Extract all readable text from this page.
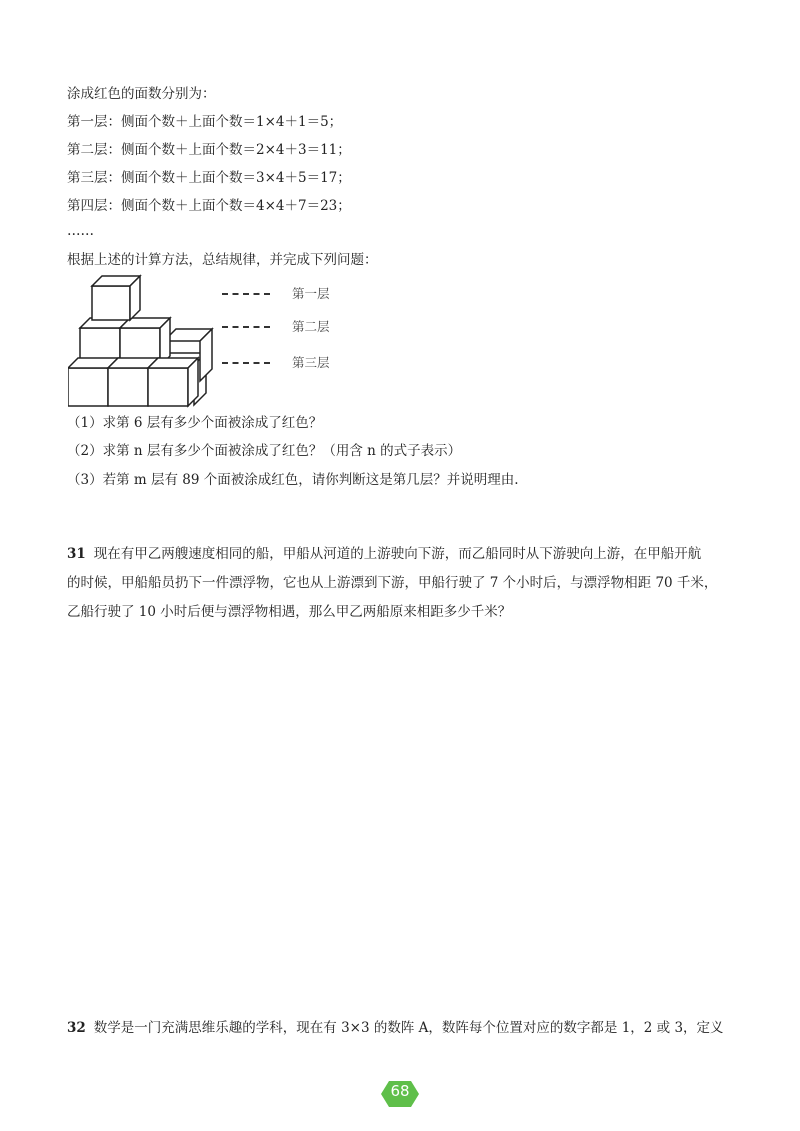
涂成红色的面数分别为：
第一层：侧面个数＋上面个数＝1×4＋1＝5；
第二层：侧面个数＋上面个数＝2×4＋3＝11；
第三层：侧面个数＋上面个数＝3×4＋5＝17；
第四层：侧面个数＋上面个数＝4×4＋7＝23；
……
根据上述的计算方法，总结规律，并完成下列问题：
第一层
第二层
第三层
（1）求第 6 层有多少个面被涂成了红色？
（2）求第 n 层有多少个面被涂成了红色？（用含 n 的式子表示）
（3）若第 m 层有 89 个面被涂成红色，请你判断这是第几层？并说明理由.
31 现在有甲乙两艘速度相同的船，甲船从河道的上游驶向下游，而乙船同时从下游驶向上游，在甲船开航
的时候，甲船船员扔下一件漂浮物，它也从上游漂到下游，甲船行驶了 7 个小时后，与漂浮物相距 70 千米，
乙船行驶了 10 小时后便与漂浮物相遇，那么甲乙两船原来相距多少千米？
32 数学是一门充满思维乐趣的学科，现在有 3×3 的数阵 A，数阵每个位置对应的数字都是 1，2 或 3，定义
68
